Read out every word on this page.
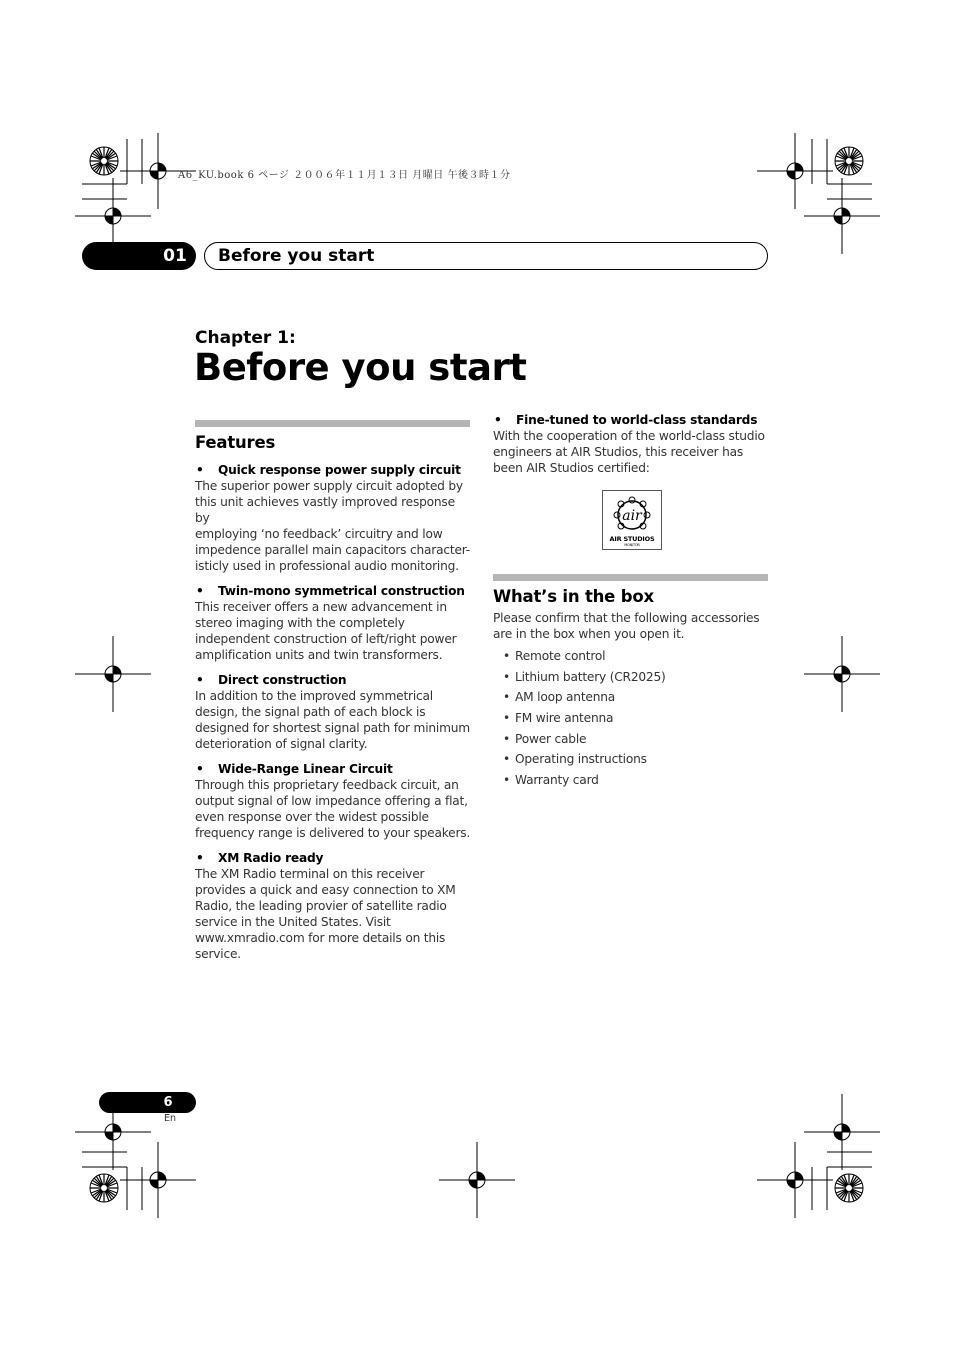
A6_KU.book 6 ページ ２００６年１１月１３日 月曜日 午後３時１分
01	Before you start
Chapter 1:
Before you start
Features
• Quick response power supply circuit
The superior power supply circuit adopted by
this unit achieves vastly improved response by
employing ‘no feedback’ circuitry and low
impedence parallel main capacitors character-
isticly used in professional audio monitoring.
• Twin-mono symmetrical construction
This receiver offers a new advancement in
stereo imaging with the completely
independent construction of left/right power
amplification units and twin transformers.
• Direct construction
In addition to the improved symmetrical
design, the signal path of each block is
designed for shortest signal path for minimum
deterioration of signal clarity.
• Wide-Range Linear Circuit
Through this proprietary feedback circuit, an
output signal of low impedance offering a flat,
even response over the widest possible
frequency range is delivered to your speakers.
• XM Radio ready
The XM Radio terminal on this receiver
provides a quick and easy connection to XM
Radio, the leading provier of satellite radio
service in the United States. Visit
www.xmradio.com for more details on this
service.
• Fine-tuned to world-class standards
With the cooperation of the world-class studio
engineers at AIR Studios, this receiver has
been AIR Studios certified:
air
AIR STUDIOS
MONITOR
What’s in the box
Please confirm that the following accessories
are in the box when you open it.
• Remote control
• Lithium battery (CR2025)
• AM loop antenna
• FM wire antenna
• Power cable
• Operating instructions
• Warranty card
6
En
